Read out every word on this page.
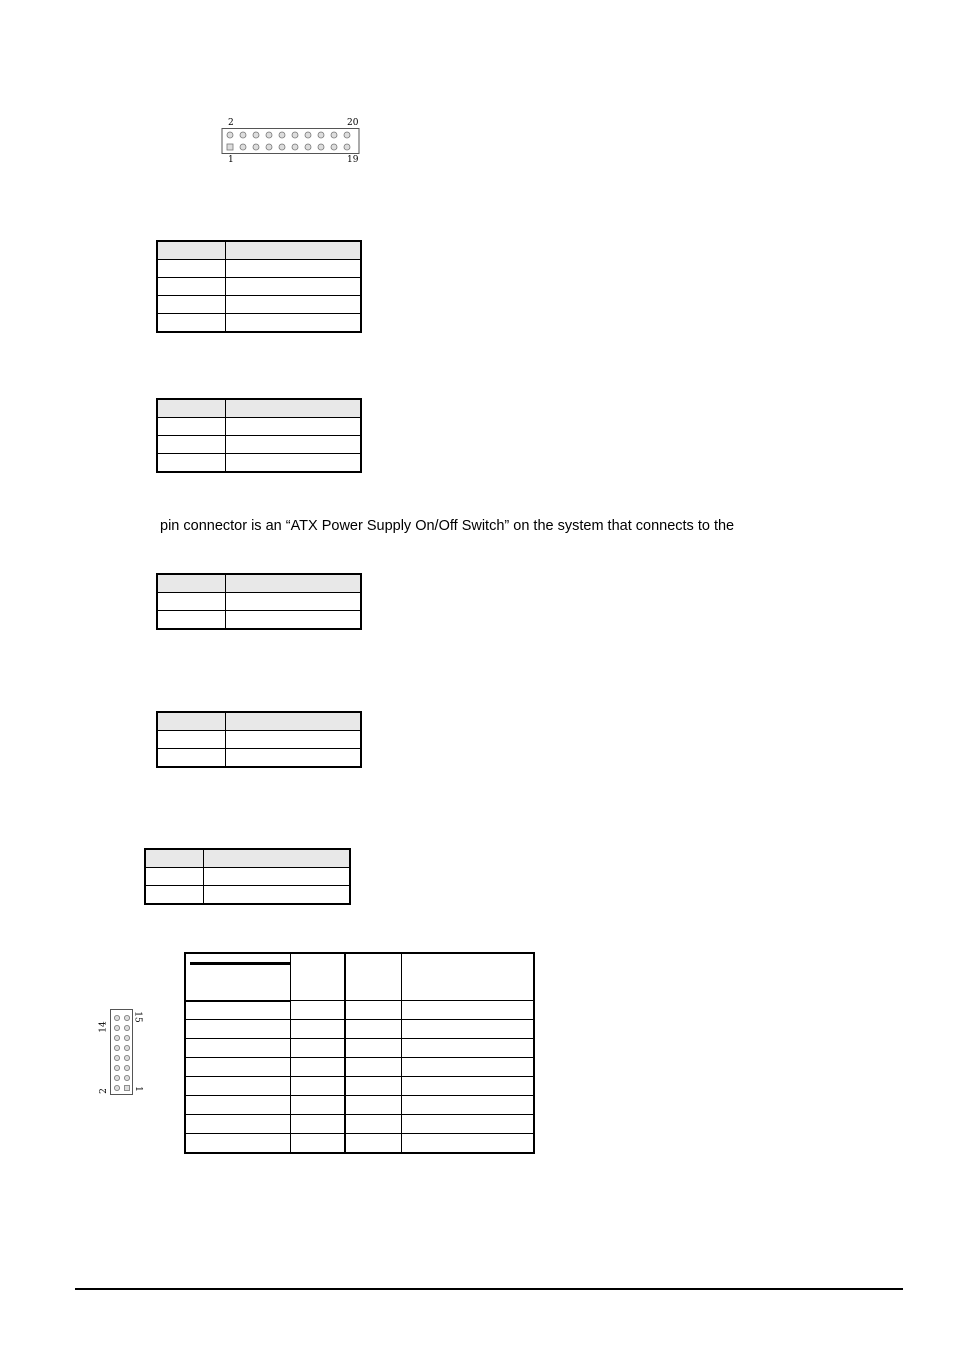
2	20
1	19

pin connector is an “ATX Power Supply On/Off Switch” on the system that connects to the

14
15
2	1
